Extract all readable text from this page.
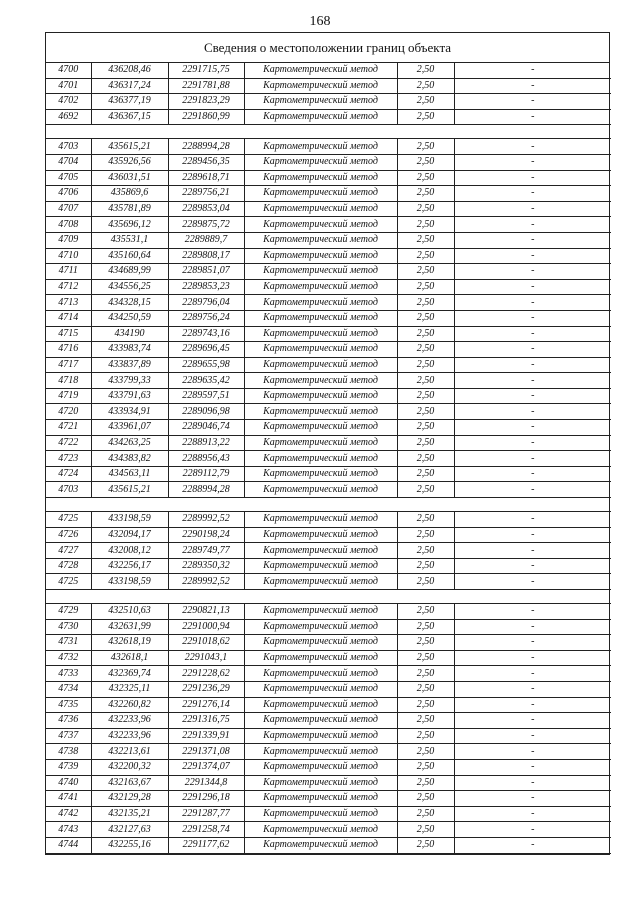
168
Сведения о местоположении границ объекта
4700	436208,46	2291715,75	Картометрический метод	2,50	-
4701	436317,24	2291781,88	Картометрический метод	2,50	-
4702	436377,19	2291823,29	Картометрический метод	2,50	-
4692	436367,15	2291860,99	Картометрический метод	2,50	-

4703	435615,21	2288994,28	Картометрический метод	2,50	-
4704	435926,56	2289456,35	Картометрический метод	2,50	-
4705	436031,51	2289618,71	Картометрический метод	2,50	-
4706	435869,6	2289756,21	Картометрический метод	2,50	-
4707	435781,89	2289853,04	Картометрический метод	2,50	-
4708	435696,12	2289875,72	Картометрический метод	2,50	-
4709	435531,1	2289889,7	Картометрический метод	2,50	-
4710	435160,64	2289808,17	Картометрический метод	2,50	-
4711	434689,99	2289851,07	Картометрический метод	2,50	-
4712	434556,25	2289853,23	Картометрический метод	2,50	-
4713	434328,15	2289796,04	Картометрический метод	2,50	-
4714	434250,59	2289756,24	Картометрический метод	2,50	-
4715	434190	2289743,16	Картометрический метод	2,50	-
4716	433983,74	2289696,45	Картометрический метод	2,50	-
4717	433837,89	2289655,98	Картометрический метод	2,50	-
4718	433799,33	2289635,42	Картометрический метод	2,50	-
4719	433791,63	2289597,51	Картометрический метод	2,50	-
4720	433934,91	2289096,98	Картометрический метод	2,50	-
4721	433961,07	2289046,74	Картометрический метод	2,50	-
4722	434263,25	2288913,22	Картометрический метод	2,50	-
4723	434383,82	2288956,43	Картометрический метод	2,50	-
4724	434563,11	2289112,79	Картометрический метод	2,50	-
4703	435615,21	2288994,28	Картометрический метод	2,50	-

4725	433198,59	2289992,52	Картометрический метод	2,50	-
4726	432094,17	2290198,24	Картометрический метод	2,50	-
4727	432008,12	2289749,77	Картометрический метод	2,50	-
4728	432256,17	2289350,32	Картометрический метод	2,50	-
4725	433198,59	2289992,52	Картометрический метод	2,50	-

4729	432510,63	2290821,13	Картометрический метод	2,50	-
4730	432631,99	2291000,94	Картометрический метод	2,50	-
4731	432618,19	2291018,62	Картометрический метод	2,50	-
4732	432618,1	2291043,1	Картометрический метод	2,50	-
4733	432369,74	2291228,62	Картометрический метод	2,50	-
4734	432325,11	2291236,29	Картометрический метод	2,50	-
4735	432260,82	2291276,14	Картометрический метод	2,50	-
4736	432233,96	2291316,75	Картометрический метод	2,50	-
4737	432233,96	2291339,91	Картометрический метод	2,50	-
4738	432213,61	2291371,08	Картометрический метод	2,50	-
4739	432200,32	2291374,07	Картометрический метод	2,50	-
4740	432163,67	2291344,8	Картометрический метод	2,50	-
4741	432129,28	2291296,18	Картометрический метод	2,50	-
4742	432135,21	2291287,77	Картометрический метод	2,50	-
4743	432127,63	2291258,74	Картометрический метод	2,50	-
4744	432255,16	2291177,62	Картометрический метод	2,50	-
